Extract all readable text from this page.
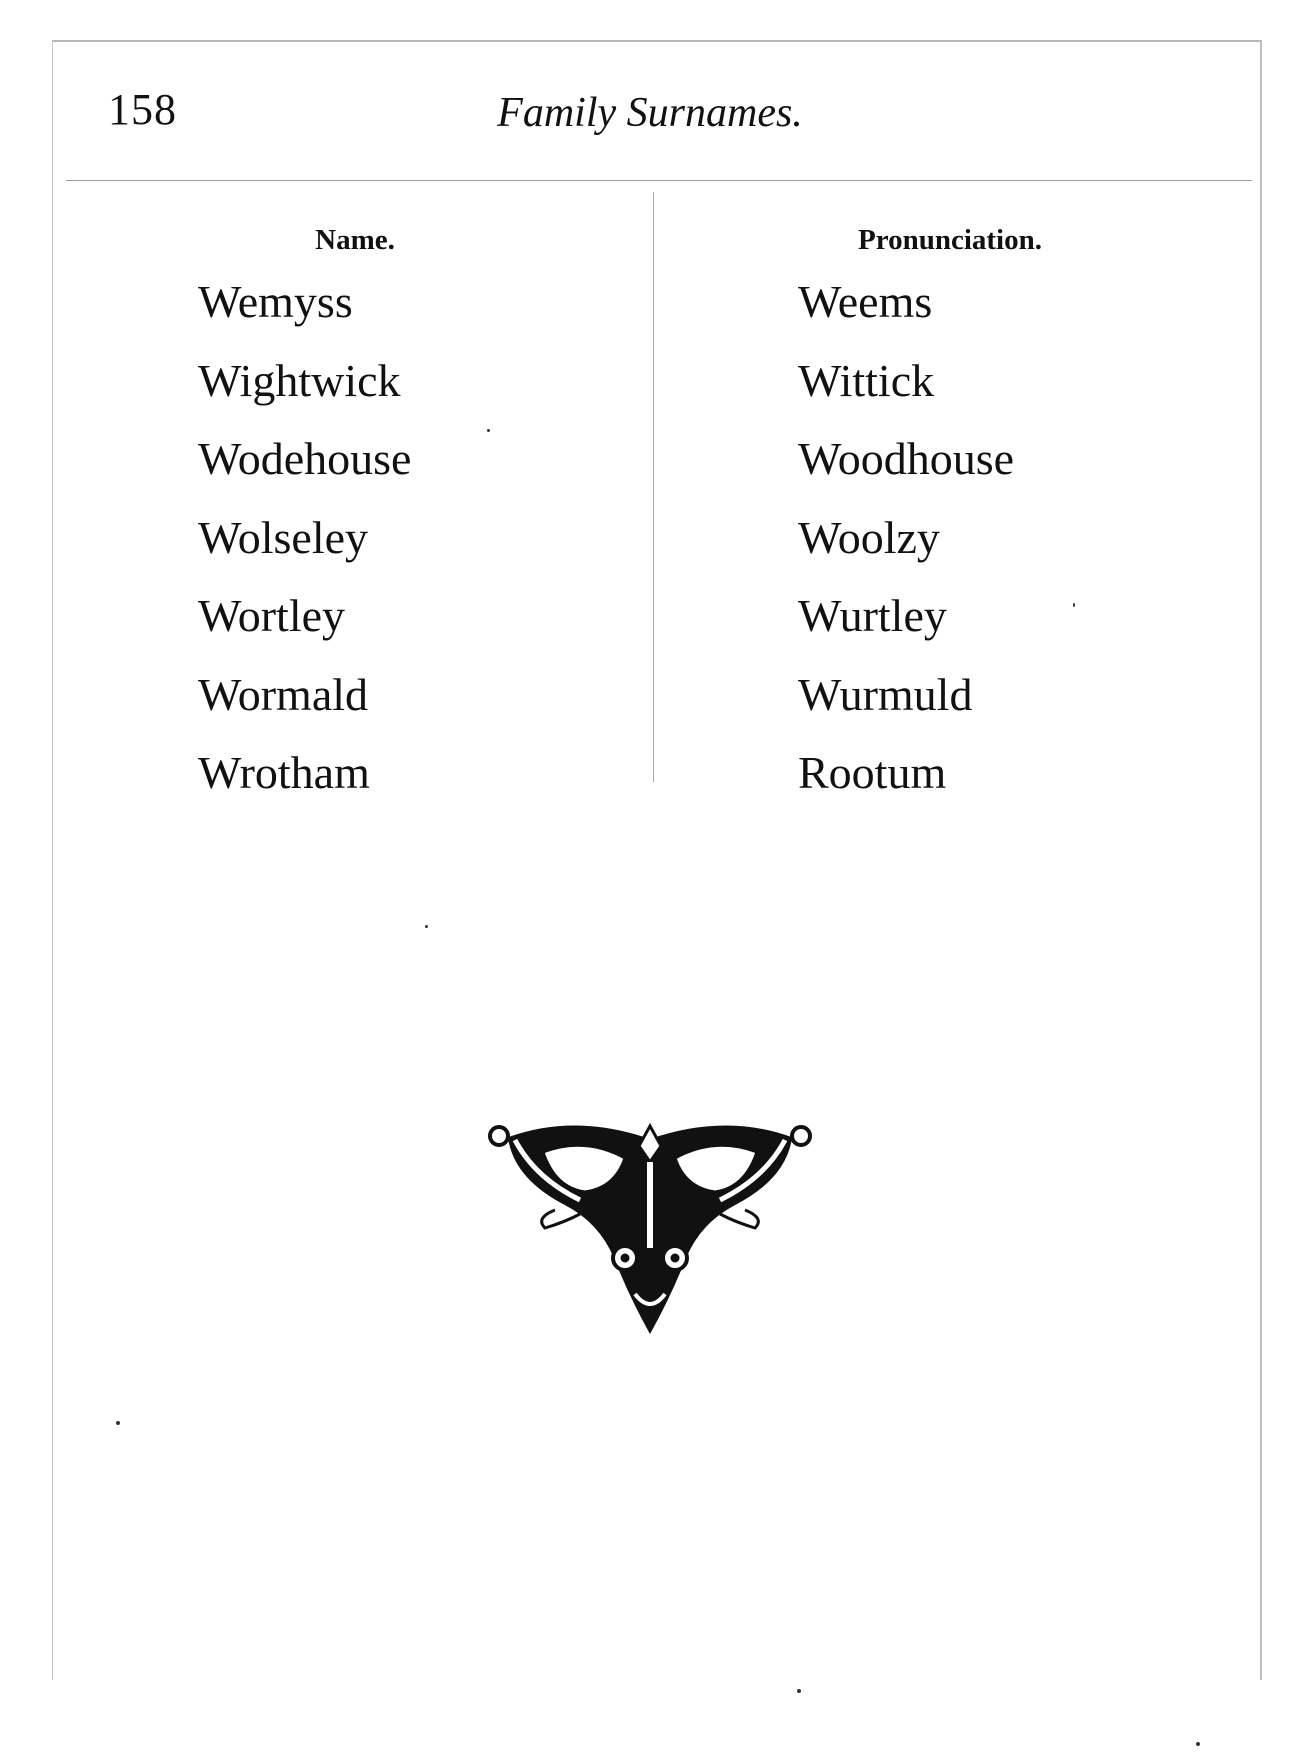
158	Family Surnames.
Name.	Pronunciation.
Wemyss
Wightwick
Wodehouse
Wolseley
Wortley
Wormald
Wrotham
Weems
Wittick
Woodhouse
Woolzy
Wurtley
Wurmuld
Rootum
